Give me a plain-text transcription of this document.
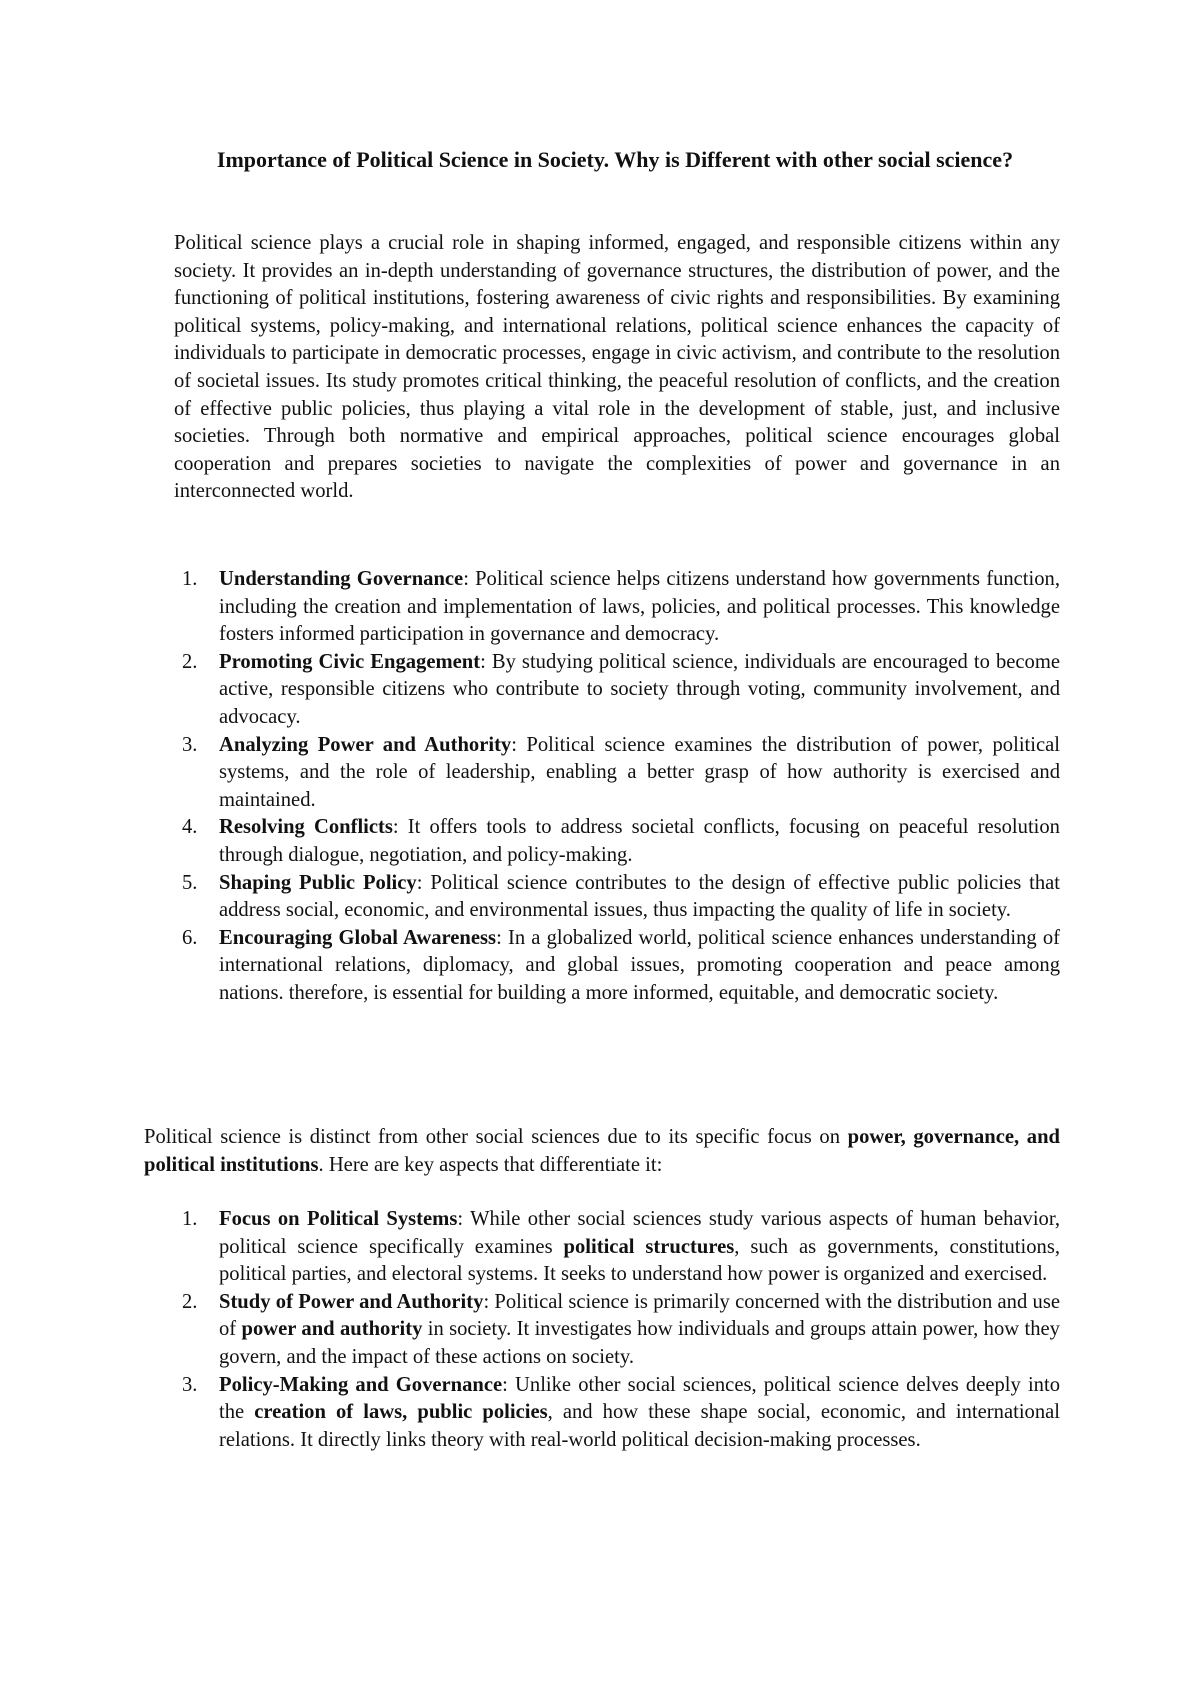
Importance of Political Science in Society. Why is Different with other social science?

Political science plays a crucial role in shaping informed, engaged, and responsible citizens within any society. It provides an in-depth understanding of governance structures, the distribution of power, and the functioning of political institutions, fostering awareness of civic rights and responsibilities. By examining political systems, policy-making, and international relations, political science enhances the capacity of individuals to participate in democratic processes, engage in civic activism, and contribute to the resolution of societal issues. Its study promotes critical thinking, the peaceful resolution of conflicts, and the creation of effective public policies, thus playing a vital role in the development of stable, just, and inclusive societies. Through both normative and empirical approaches, political science encourages global cooperation and prepares societies to navigate the complexities of power and governance in an interconnected world.

1. Understanding Governance: Political science helps citizens understand how governments function, including the creation and implementation of laws, policies, and political processes. This knowledge fosters informed participation in governance and democracy.
2. Promoting Civic Engagement: By studying political science, individuals are encouraged to become active, responsible citizens who contribute to society through voting, community involvement, and advocacy.
3. Analyzing Power and Authority: Political science examines the distribution of power, political systems, and the role of leadership, enabling a better grasp of how authority is exercised and maintained.
4. Resolving Conflicts: It offers tools to address societal conflicts, focusing on peaceful resolution through dialogue, negotiation, and policy-making.
5. Shaping Public Policy: Political science contributes to the design of effective public policies that address social, economic, and environmental issues, thus impacting the quality of life in society.
6. Encouraging Global Awareness: In a globalized world, political science enhances understanding of international relations, diplomacy, and global issues, promoting cooperation and peace among nations. therefore, is essential for building a more informed, equitable, and democratic society.

Political science is distinct from other social sciences due to its specific focus on power, governance, and political institutions. Here are key aspects that differentiate it:

1. Focus on Political Systems: While other social sciences study various aspects of human behavior, political science specifically examines political structures, such as governments, constitutions, political parties, and electoral systems. It seeks to understand how power is organized and exercised.
2. Study of Power and Authority: Political science is primarily concerned with the distribution and use of power and authority in society. It investigates how individuals and groups attain power, how they govern, and the impact of these actions on society.
3. Policy-Making and Governance: Unlike other social sciences, political science delves deeply into the creation of laws, public policies, and how these shape social, economic, and international relations. It directly links theory with real-world political decision-making processes.
